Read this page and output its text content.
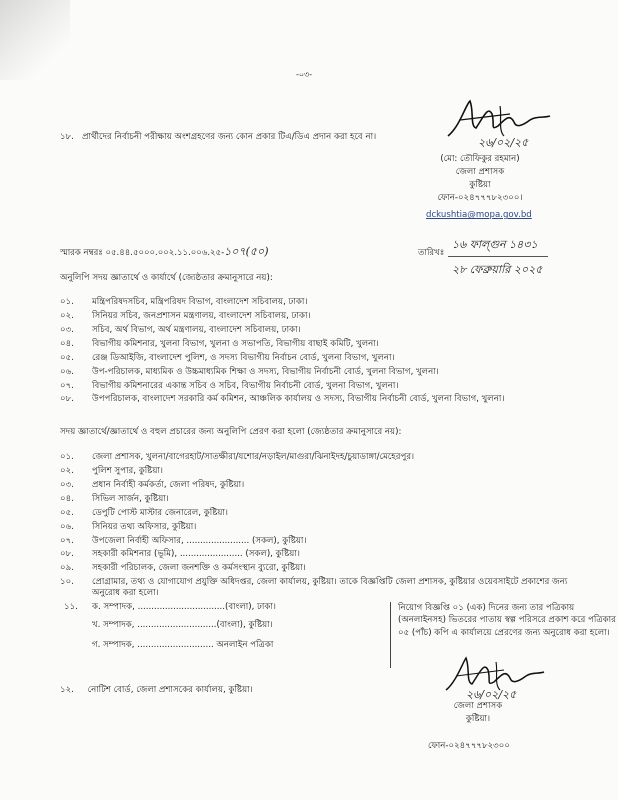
-০৩-
১৮. প্রার্থীদের নির্বাচনী পরীক্ষায় অংশগ্রহণের জন্য কোন প্রকার টিএ/ডিএ প্রদান করা হবে না।	২৬/০২/২৫
(মো: তৌফিকুর রহমান)
জেলা প্রশাসক
কুষ্টিয়া
ফোন-০২৪৭৭৭৮২৩০০।
dckushtia@mopa.gov.bd
স্মারক নম্বরঃ ০৫.৪৪.৫০০০.০০২.১১.০০৬.২৫-১০৭(৫০)
১৬ ফাল্গুন ১৪৩১
তারিখঃ
২৮ ফেব্রুয়ারি ২০২৫
অনুলিপি সদয় জ্ঞাতার্থে ও কার্যার্থে (জ্যেষ্ঠতার ক্রমানুসারে নয়):
০১.	মন্ত্রিপরিষদসচিব, মন্ত্রিপরিষদ বিভাগ, বাংলাদেশ সচিবালয়, ঢাকা।
০২.	সিনিয়র সচিব, জনপ্রশাসন মন্ত্রণালয়, বাংলাদেশ সচিবালয়, ঢাকা।
০৩.	সচিব, অর্থ বিভাগ, অর্থ মন্ত্রণালয়, বাংলাদেশ সচিবালয়, ঢাকা।
০৪.	বিভাগীয় কমিশনার, খুলনা বিভাগ, খুলনা ও সভাপতি, বিভাগীয় বাছাই কমিটি, খুলনা।
০৫.	রেঞ্জ ডিআইজি, বাংলাদেশ পুলিশ, ও সদস্য বিভাগীয় নির্বাচন বোর্ড, খুলনা বিভাগ, খুলনা।
০৬.	উপ-পরিচালক, মাধ্যমিক ও উচ্চমাধ্যমিক শিক্ষা ও সদস্য, বিভাগীয় নির্বাচনী বোর্ড, খুলনা বিভাগ, খুলনা।
০৭.	বিভাগীয় কমিশনারের একান্ত সচিব ও সচিব, বিভাগীয় নির্বাচনী বোর্ড, খুলনা বিভাগ, খুলনা।
০৮.	উপপরিচালক, বাংলাদেশ সরকারি কর্ম কমিশন, আঞ্চলিক কার্যালয় ও সদস্য, বিভাগীয় নির্বাচনী বোর্ড, খুলনা বিভাগ, খুলনা।
সদয় জ্ঞাতার্থে/জ্ঞাতার্থে ও বহুল প্রচারের জন্য অনুলিপি প্রেরণ করা হলো (জ্যেষ্ঠতার ক্রমানুসারে নয়):
০১.	জেলা প্রশাসক, খুলনা/বাগেরহাট/সাতক্ষীরা/যশোর/নড়াইল/মাগুরা/ঝিনাইদহ/চুয়াডাঙ্গা/মেহেরপুর।
০২.	পুলিশ সুপার, কুষ্টিয়া।
০৩.	প্রধান নির্বাহী কর্মকর্তা, জেলা পরিষদ, কুষ্টিয়া।
০৪.	সিভিল সার্জন, কুষ্টিয়া।
০৫.	ডেপুটি পোস্ট মাস্টার জেনারেল, কুষ্টিয়া।
০৬.	সিনিয়র তথ্য অফিসার, কুষ্টিয়া।
০৭.	উপজেলা নির্বাহী অফিসার, ....................... (সকল), কুষ্টিয়া।
০৮.	সহকারী কমিশনার (ভূমি), ....................... (সকল), কুষ্টিয়া।
০৯.	সহকারী পরিচালক, জেলা জনশক্তি ও কর্মসংস্থান ব্যুরো, কুষ্টিয়া।
১০.	প্রোগ্রামার, তথ্য ও যোগাযোগ প্রযুক্তি অধিদপ্তর, জেলা কার্যালয়, কুষ্টিয়া। তাকে বিজ্ঞপ্তিটি জেলা প্রশাসক, কুষ্টিয়ার ওয়েবসাইটে প্রকাশের জন্য অনুরোধ করা হলো।
১১. ক. সম্পাদক, ................................(বাংলা), ঢাকা।
খ. সম্পাদক, .............................(বাংলা), কুষ্টিয়া।
গ. সম্পাদক, ............................ অনলাইন পত্রিকা
নিয়োগ বিজ্ঞপ্তি ০১ (এক) দিনের জন্য তার পত্রিকায় (অনলাইনসহ) ভিতরের পাতায় স্বল্প পরিসরে প্রকাশ করে পত্রিকার ০৫ (পাঁচ) কপি এ কার্যালয়ে প্রেরণের জন্য অনুরোধ করা হলো।
১২. নোটিশ বোর্ড, জেলা প্রশাসকের কার্যালয়, কুষ্টিয়া।	২৬/০২/২৫
জেলা প্রশাসক
কুষ্টিয়া।
ফোন-০২৪৭৭৭৮২৩০০
